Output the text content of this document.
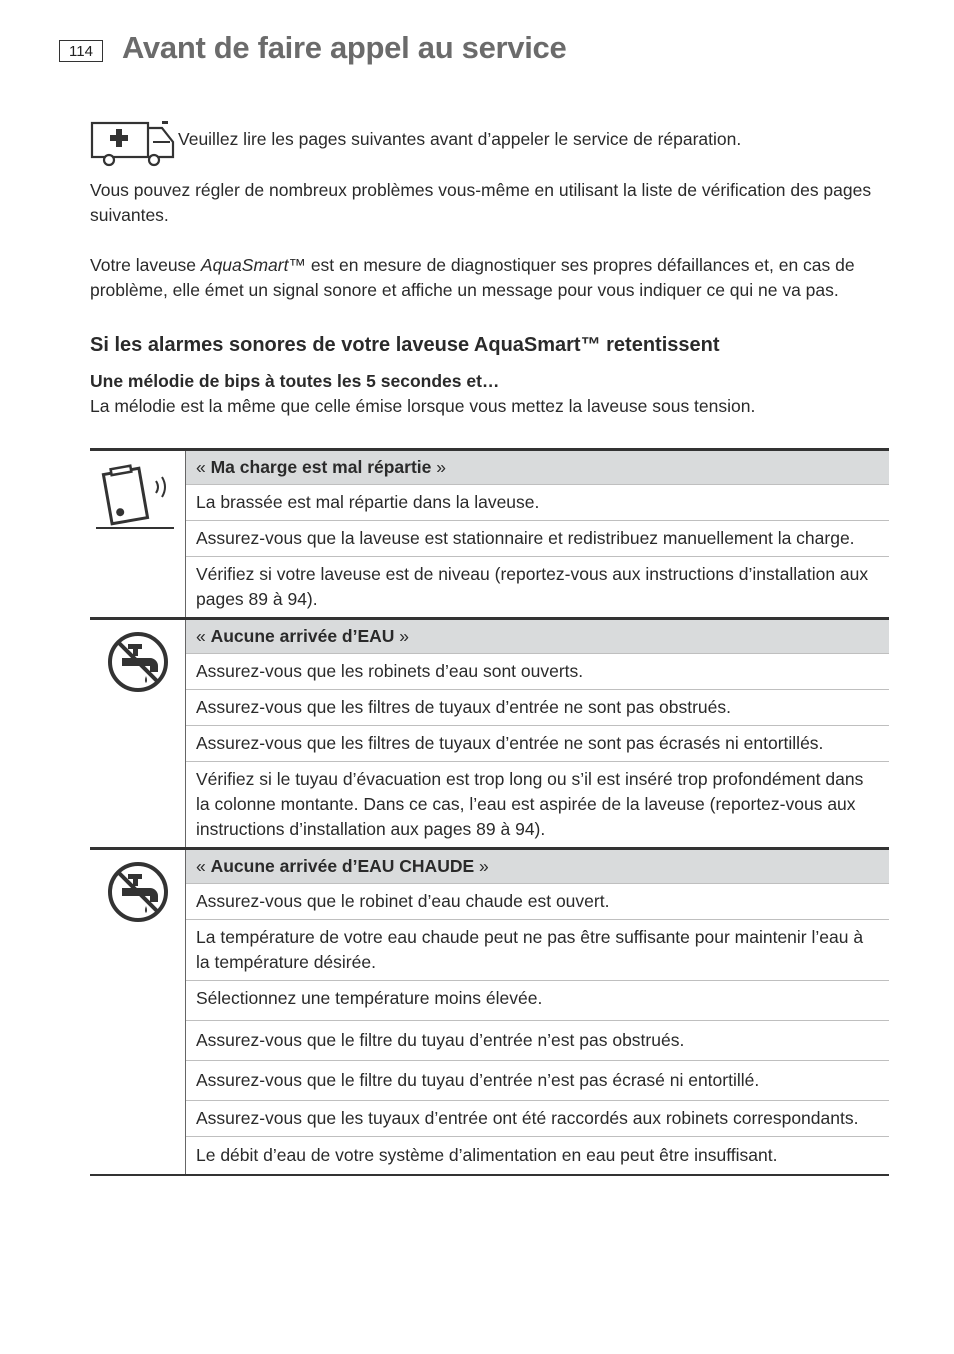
114 Avant de faire appel au service
Veuillez lire les pages suivantes avant d’appeler le service de réparation.

Vous pouvez régler de nombreux problèmes vous-même en utilisant la liste de vérification des pages suivantes.

Votre laveuse AquaSmart™ est en mesure de diagnostiquer ses propres défaillances et, en cas de problème, elle émet un signal sonore et affiche un message pour vous indiquer ce qui ne va pas.

Si les alarmes sonores de votre laveuse AquaSmart™ retentissent

Une mélodie de bips à toutes les 5 secondes et…

La mélodie est la même que celle émise lorsque vous mettez la laveuse sous tension.

« Ma charge est mal répartie »
La brassée est mal répartie dans la laveuse.
Assurez-vous que la laveuse est stationnaire et redistribuez manuellement la charge.
Vérifiez si votre laveuse est de niveau (reportez-vous aux instructions d’installation aux pages 89 à 94).
« Aucune arrivée d’EAU »
Assurez-vous que les robinets d’eau sont ouverts.
Assurez-vous que les filtres de tuyaux d’entrée ne sont pas obstrués.
Assurez-vous que les filtres de tuyaux d’entrée ne sont pas écrasés ni entortillés.
Vérifiez si le tuyau d’évacuation est trop long ou s’il est inséré trop profondément dans la colonne montante. Dans ce cas, l’eau est aspirée de la laveuse (reportez-vous aux instructions d’installation aux pages 89 à 94).
« Aucune arrivée d’EAU CHAUDE »
Assurez-vous que le robinet d’eau chaude est ouvert.
La température de votre eau chaude peut ne pas être suffisante pour maintenir l’eau à la température désirée.
Sélectionnez une température moins élevée.
Assurez-vous que le filtre du tuyau d’entrée n’est pas obstrués.
Assurez-vous que le filtre du tuyau d’entrée n’est pas écrasé ni entortillé.
Assurez-vous que les tuyaux d’entrée ont été raccordés aux robinets correspondants.
Le débit d’eau de votre système d’alimentation en eau peut être insuffisant.
